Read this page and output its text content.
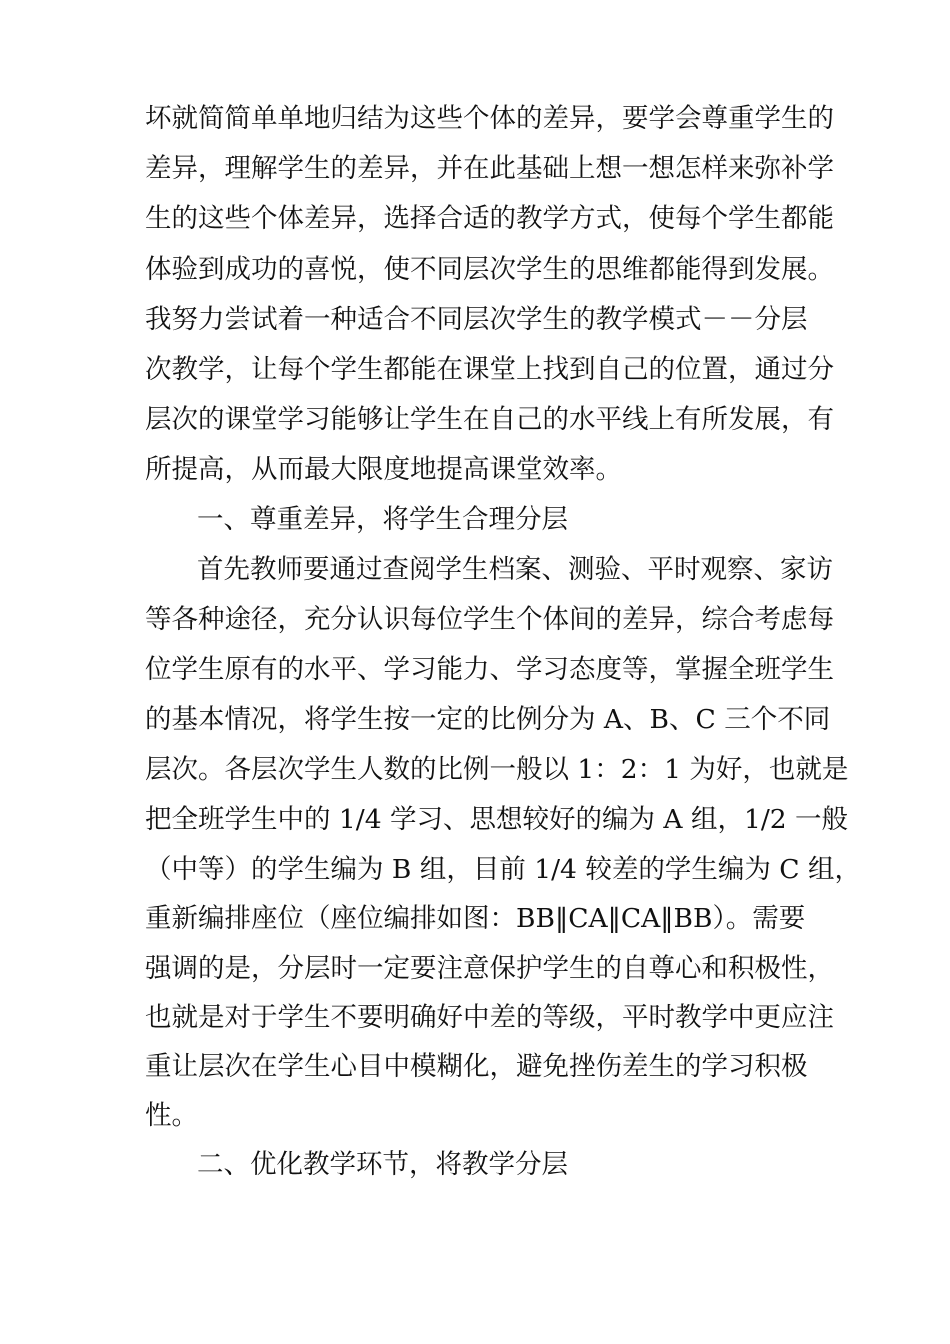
坏就简简单单地归结为这些个体的差异，要学会尊重学生的
差异，理解学生的差异，并在此基础上想一想怎样来弥补学
生的这些个体差异，选择合适的教学方式，使每个学生都能
体验到成功的喜悦，使不同层次学生的思维都能得到发展。
我努力尝试着一种适合不同层次学生的教学模式－－分层
次教学，让每个学生都能在课堂上找到自己的位置，通过分
层次的课堂学习能够让学生在自己的水平线上有所发展，有
所提高，从而最大限度地提高课堂效率。
一、尊重差异，将学生合理分层
首先教师要通过查阅学生档案、测验、平时观察、家访
等各种途径，充分认识每位学生个体间的差异，综合考虑每
位学生原有的水平、学习能力、学习态度等，掌握全班学生
的基本情况，将学生按一定的比例分为 A、B、C 三个不同
层次。各层次学生人数的比例一般以 1：2：1 为好，也就是
把全班学生中的 1/4 学习、思想较好的编为 A 组，1/2 一般
（中等）的学生编为 B 组，目前 1/4 较差的学生编为 C 组，
重新编排座位（座位编排如图：BB‖CA‖CA‖BB）。需要
强调的是，分层时一定要注意保护学生的自尊心和积极性，
也就是对于学生不要明确好中差的等级，平时教学中更应注
重让层次在学生心目中模糊化，避免挫伤差生的学习积极
性。
二、优化教学环节，将教学分层
